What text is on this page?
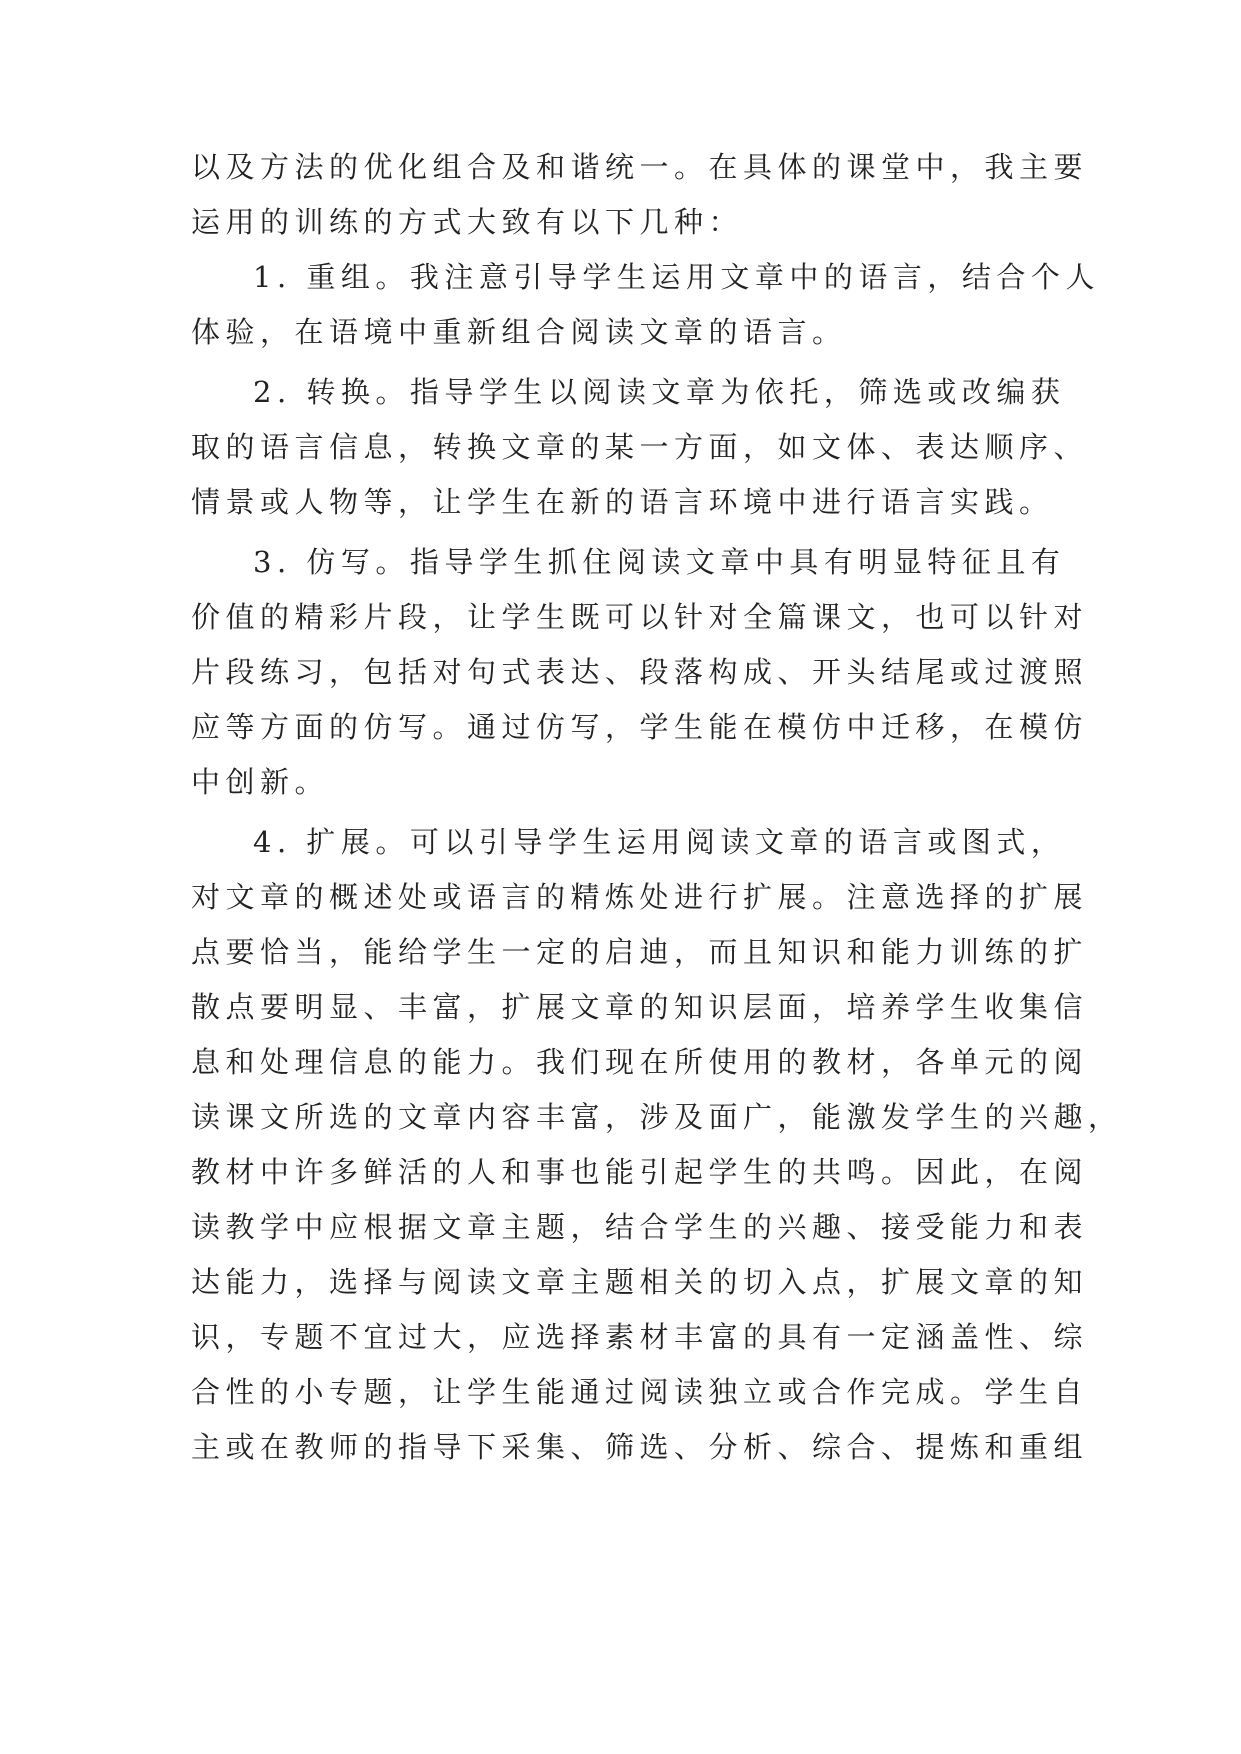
以及方法的优化组合及和谐统一。在具体的课堂中，我主要
运用的训练的方式大致有以下几种：
1. 重组。我注意引导学生运用文章中的语言，结合个人
体验，在语境中重新组合阅读文章的语言。
2. 转换。指导学生以阅读文章为依托，筛选或改编获
取的语言信息，转换文章的某一方面，如文体、表达顺序、
情景或人物等，让学生在新的语言环境中进行语言实践。
3. 仿写。指导学生抓住阅读文章中具有明显特征且有
价值的精彩片段，让学生既可以针对全篇课文，也可以针对
片段练习，包括对句式表达、段落构成、开头结尾或过渡照
应等方面的仿写。通过仿写，学生能在模仿中迁移，在模仿
中创新。
4. 扩展。可以引导学生运用阅读文章的语言或图式，
对文章的概述处或语言的精炼处进行扩展。注意选择的扩展
点要恰当，能给学生一定的启迪，而且知识和能力训练的扩
散点要明显、丰富，扩展文章的知识层面，培养学生收集信
息和处理信息的能力。我们现在所使用的教材，各单元的阅
读课文所选的文章内容丰富，涉及面广，能激发学生的兴趣，
教材中许多鲜活的人和事也能引起学生的共鸣。因此，在阅
读教学中应根据文章主题，结合学生的兴趣、接受能力和表
达能力，选择与阅读文章主题相关的切入点，扩展文章的知
识，专题不宜过大，应选择素材丰富的具有一定涵盖性、综
合性的小专题，让学生能通过阅读独立或合作完成。学生自
主或在教师的指导下采集、筛选、分析、综合、提炼和重组
